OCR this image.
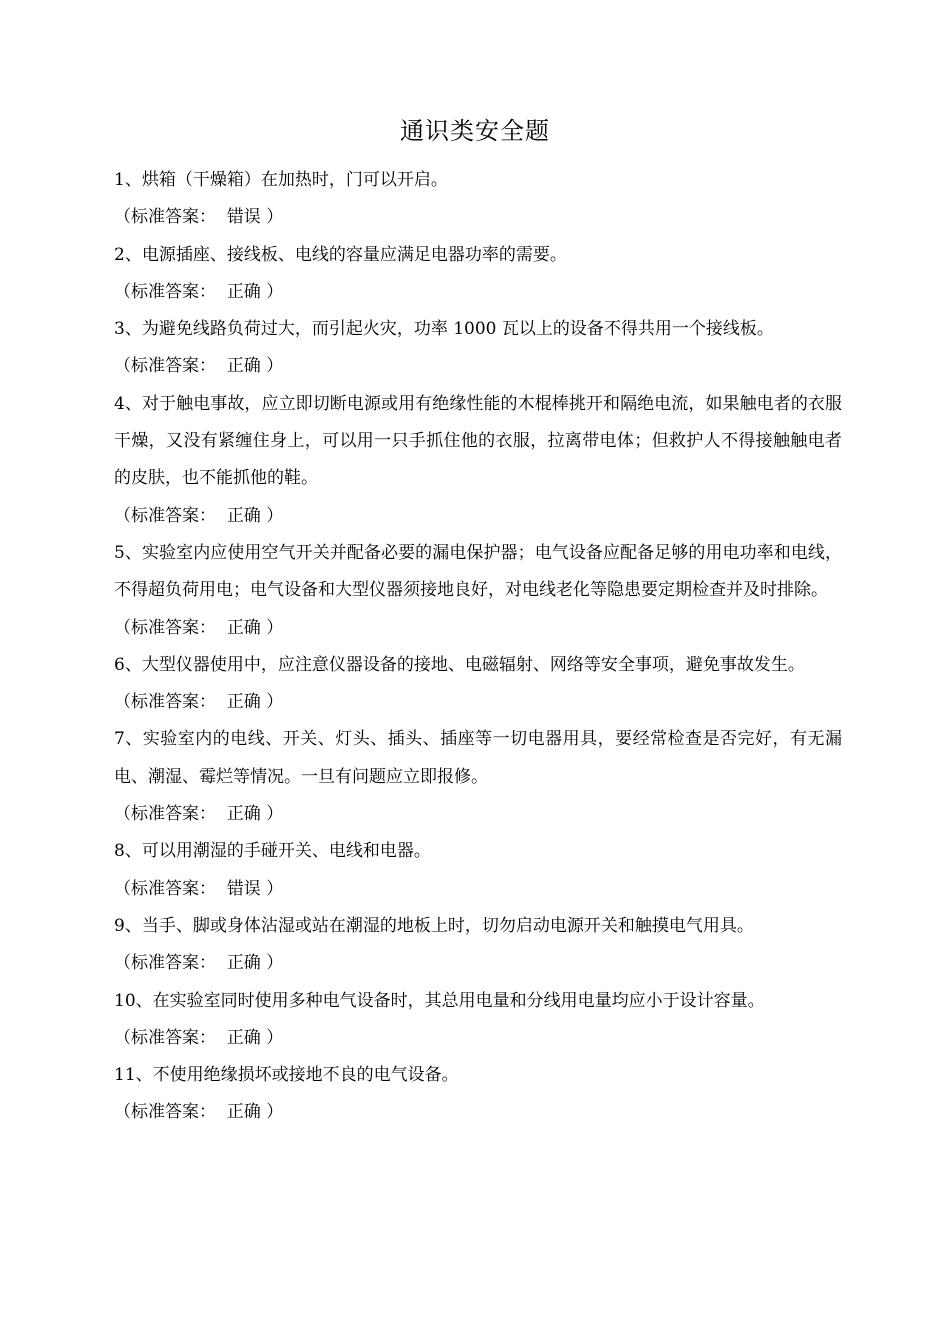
通识类安全题

1、烘箱（干燥箱）在加热时，门可以开启。

（标准答案： 错误 ）

2、电源插座、接线板、电线的容量应满足电器功率的需要。

（标准答案： 正确 ）

3、为避免线路负荷过大，而引起火灾，功率 1000 瓦以上的设备不得共用一个接线板。

（标准答案： 正确 ）

4、对于触电事故，应立即切断电源或用有绝缘性能的木棍棒挑开和隔绝电流，如果触电者的衣服干燥，又没有紧缠住身上，可以用一只手抓住他的衣服，拉离带电体；但救护人不得接触触电者的皮肤，也不能抓他的鞋。

（标准答案： 正确 ）

5、实验室内应使用空气开关并配备必要的漏电保护器；电气设备应配备足够的用电功率和电线，不得超负荷用电；电气设备和大型仪器须接地良好，对电线老化等隐患要定期检查并及时排除。

（标准答案： 正确 ）

6、大型仪器使用中，应注意仪器设备的接地、电磁辐射、网络等安全事项，避免事故发生。

（标准答案： 正确 ）

7、实验室内的电线、开关、灯头、插头、插座等一切电器用具，要经常检查是否完好，有无漏电、潮湿、霉烂等情况。一旦有问题应立即报修。

（标准答案： 正确 ）

8、可以用潮湿的手碰开关、电线和电器。

（标准答案： 错误 ）

9、当手、脚或身体沾湿或站在潮湿的地板上时，切勿启动电源开关和触摸电气用具。

（标准答案： 正确 ）

10、在实验室同时使用多种电气设备时，其总用电量和分线用电量均应小于设计容量。

（标准答案： 正确 ）

11、不使用绝缘损坏或接地不良的电气设备。

（标准答案： 正确 ）
